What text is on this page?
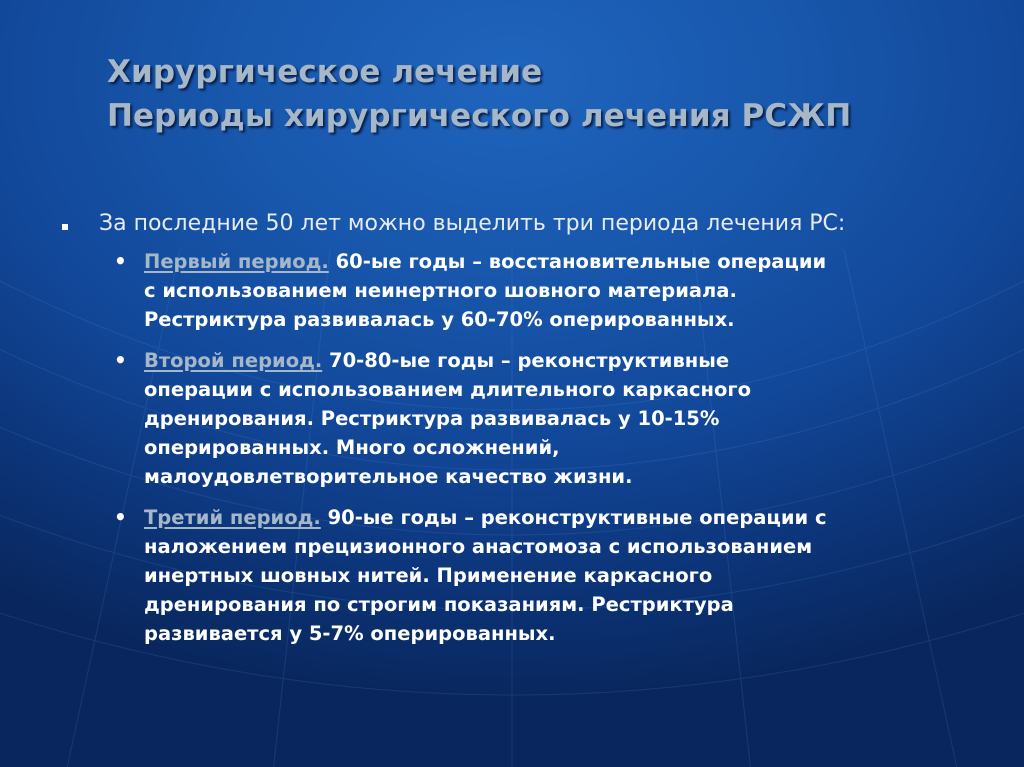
Хирургическое лечение
Периоды хирургического лечения РСЖП
За последние 50 лет можно выделить три периода лечения РС:
• Первый период. 60-ые годы – восстановительные операции
с использованием неинертного шовного материала.
Рестриктура развивалась у 60-70% оперированных.
• Второй период. 70-80-ые годы – реконструктивные
операции с использованием длительного каркасного
дренирования. Рестриктура развивалась у 10-15%
оперированных. Много осложнений,
малоудовлетворительное качество жизни.
• Третий период. 90-ые годы – реконструктивные операции с
наложением прецизионного анастомоза с использованием
инертных шовных нитей. Применение каркасного
дренирования по строгим показаниям. Рестриктура
развивается у 5-7% оперированных.
